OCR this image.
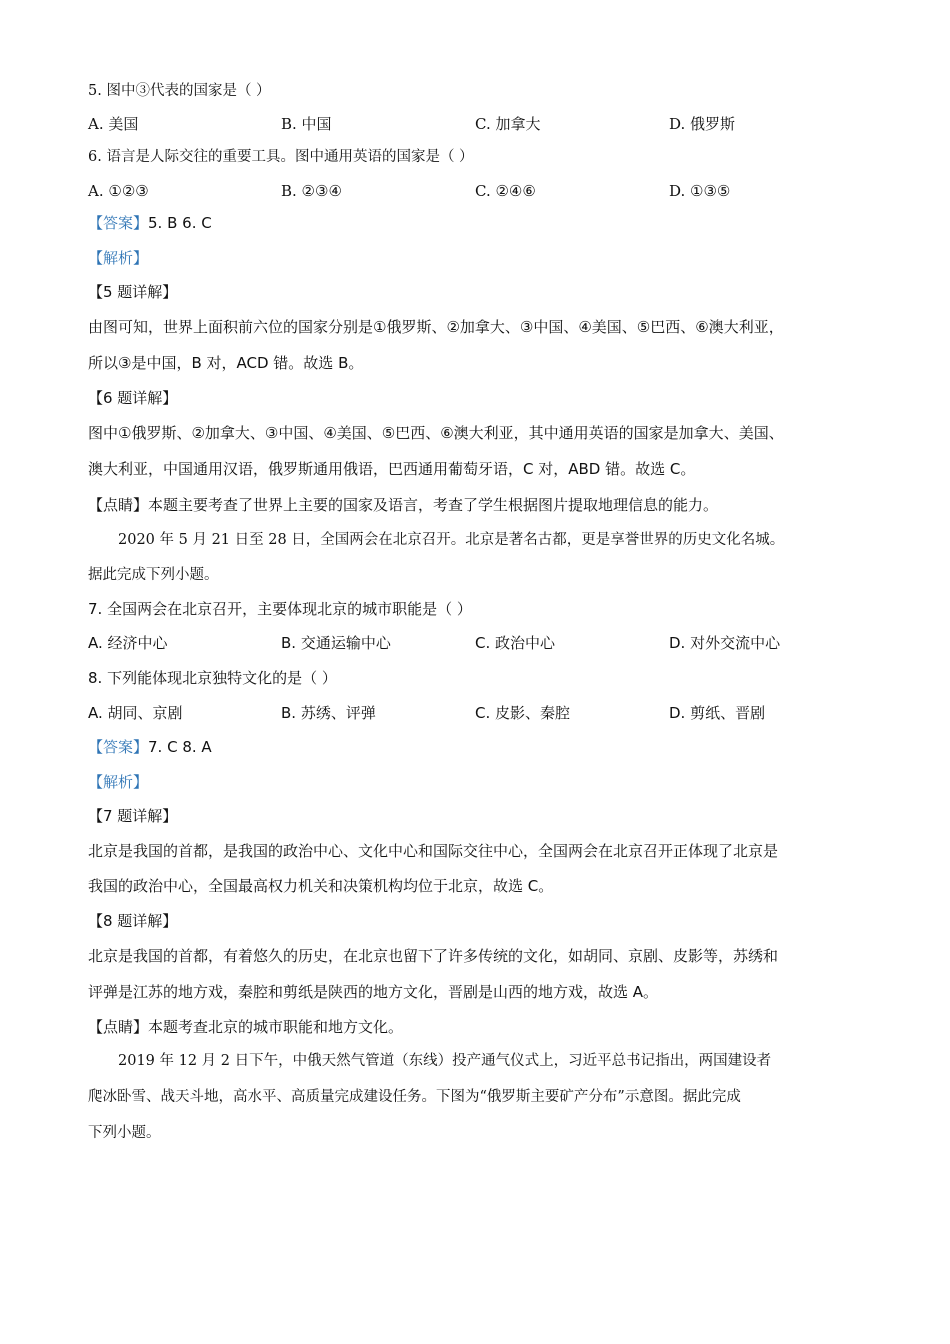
5. 图中③代表的国家是（ ）
A. 美国	B. 中国	C. 加拿大	D. 俄罗斯
6. 语言是人际交往的重要工具。图中通用英语的国家是（ ）
A. ①②③	B. ②③④	C. ②④⑥	D. ①③⑤
【答案】5. B 6. C
【解析】
【5 题详解】
由图可知，世界上面积前六位的国家分别是①俄罗斯、②加拿大、③中国、④美国、⑤巴西、⑥澳大利亚，
所以③是中国，B 对，ACD 错。故选 B。
【6 题详解】
图中①俄罗斯、②加拿大、③中国、④美国、⑤巴西、⑥澳大利亚，其中通用英语的国家是加拿大、美国、
澳大利亚，中国通用汉语，俄罗斯通用俄语，巴西通用葡萄牙语，C 对，ABD 错。故选 C。
【点睛】本题主要考查了世界上主要的国家及语言，考查了学生根据图片提取地理信息的能力。
2020 年 5 月 21 日至 28 日，全国两会在北京召开。北京是著名古都，更是享誉世界的历史文化名城。
据此完成下列小题。
7. 全国两会在北京召开，主要体现北京的城市职能是（ ）
A. 经济中心	B. 交通运输中心	C. 政治中心	D. 对外交流中心
8. 下列能体现北京独特文化的是（ ）
A. 胡同、京剧	B. 苏绣、评弹	C. 皮影、秦腔	D. 剪纸、晋剧
【答案】7. C 8. A
【解析】
【7 题详解】
北京是我国的首都，是我国的政治中心、文化中心和国际交往中心，全国两会在北京召开正体现了北京是
我国的政治中心，全国最高权力机关和决策机构均位于北京，故选 C。
【8 题详解】
北京是我国的首都，有着悠久的历史，在北京也留下了许多传统的文化，如胡同、京剧、皮影等，苏绣和
评弹是江苏的地方戏，秦腔和剪纸是陕西的地方文化，晋剧是山西的地方戏，故选 A。
【点睛】本题考查北京的城市职能和地方文化。
2019 年 12 月 2 日下午，中俄天然气管道（东线）投产通气仪式上，习近平总书记指出，两国建设者
爬冰卧雪、战天斗地，高水平、高质量完成建设任务。下图为“俄罗斯主要矿产分布”示意图。据此完成
下列小题。
